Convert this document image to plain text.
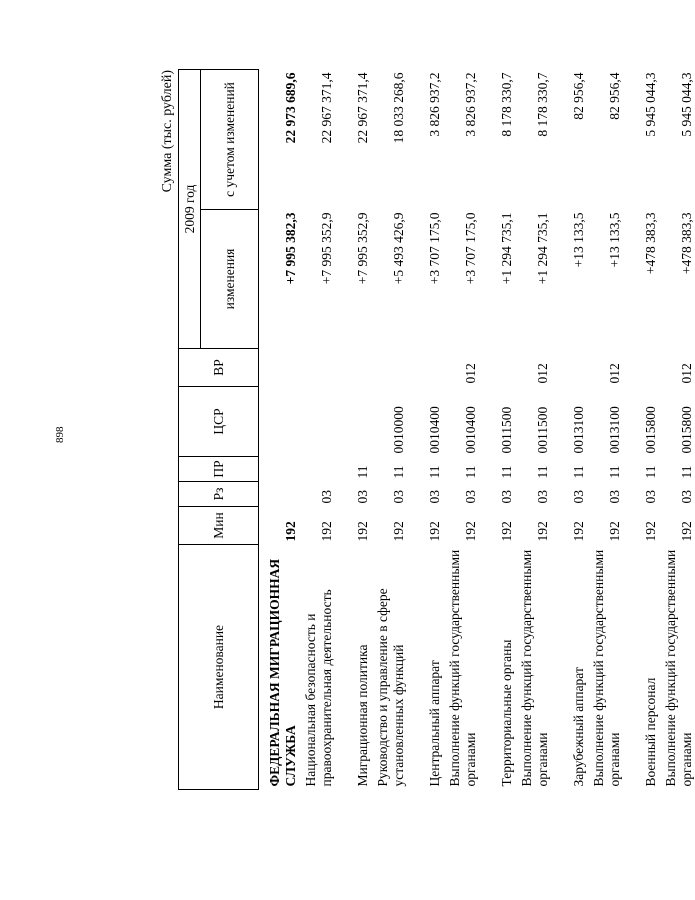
898
Сумма (тыс. рублей)
Наименование	Мин	Рз	ПР	ЦСР	ВР	2009 год	
						изменения	с учетом изменений
ФЕДЕРАЛЬНАЯ МИГРАЦИОННАЯ СЛУЖБА	192					+7 995 382,3	22 973 689,6
Национальная безопасность и правоохранительная деятельность	192	03				+7 995 352,9	22 967 371,4
Миграционная политика	192	03	11			+7 995 352,9	22 967 371,4
Руководство и управление в сфере установленных функций	192	03	11	0010000		+5 493 426,9	18 033 268,6
Центральный аппарат	192	03	11	0010400		+3 707 175,0	3 826 937,2
Выполнение функций государственными органами	192	03	11	0010400	012	+3 707 175,0	3 826 937,2
Территориальные органы	192	03	11	0011500		+1 294 735,1	8 178 330,7
Выполнение функций государственными органами	192	03	11	0011500	012	+1 294 735,1	8 178 330,7
Зарубежный аппарат	192	03	11	0013100		+13 133,5	82 956,4
Выполнение функций государственными органами	192	03	11	0013100	012	+13 133,5	82 956,4
Военный персонал	192	03	11	0015800		+478 383,3	5 945 044,3
Выполнение функций государственными органами	192	03	11	0015800	012	+478 383,3	5 945 044,3
